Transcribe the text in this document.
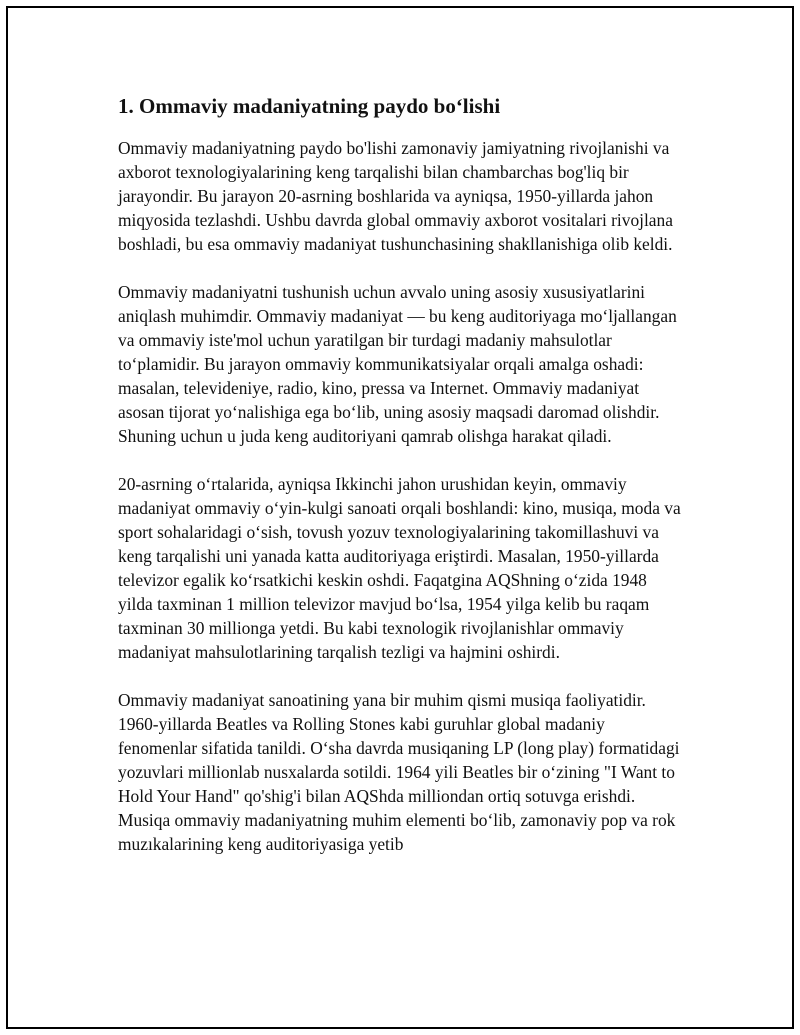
1. Ommaviy madaniyatning paydo bo‘lishi

Ommaviy madaniyatning paydo bo'lishi zamonaviy jamiyatning rivojlanishi va axborot texnologiyalarining keng tarqalishi bilan chambarchas bog'liq bir jarayondir. Bu jarayon 20-asrning boshlarida va ayniqsa, 1950-yillarda jahon miqyosida tezlashdi. Ushbu davrda global ommaviy axborot vositalari rivojlana boshladi, bu esa ommaviy madaniyat tushunchasining shakllanishiga olib keldi.

Ommaviy madaniyatni tushunish uchun avvalo uning asosiy xususiyatlarini aniqlash muhimdir. Ommaviy madaniyat — bu keng auditoriyaga mo‘ljallangan va ommaviy iste'mol uchun yaratilgan bir turdagi madaniy mahsulotlar to‘plamidir. Bu jarayon ommaviy kommunikatsiyalar orqali amalga oshadi: masalan, televideniye, radio, kino, pressa va Internet. Ommaviy madaniyat asosan tijorat yo‘nalishiga ega bo‘lib, uning asosiy maqsadi daromad olishdir. Shuning uchun u juda keng auditoriyani qamrab olishga harakat qiladi.

20-asrning o‘rtalarida, ayniqsa Ikkinchi jahon urushidan keyin, ommaviy madaniyat ommaviy o‘yin-kulgi sanoati orqali boshlandi: kino, musiqa, moda va sport sohalaridagi o‘sish, tovush yozuv texnologiyalarining takomillashuvi va keng tarqalishi uni yanada katta auditoriyaga erişti​rdi. Masalan, 1950-yillarda televizor egalik ko‘rsatkichi keskin oshdi. Faqatgina AQShning o‘zida 1948 yilda taxminan 1 million televizor mavjud bo‘lsa, 1954 yilga kelib bu raqam taxminan 30 millionga yetdi. Bu kabi texnologik rivojlanishlar ommaviy madaniyat mahsulotlarining tarqalish tezligi va hajmini oshirdi.

Ommaviy madaniyat sanoatining yana bir muhim qismi musiqa faoliyatidir. 1960-yillarda Beatles va Rolling Stones kabi guruhlar global madaniy fenomenlar sifatida tanildi. O‘sha davrda musiqaning LP (long play) formatidagi yozuvlari millionlab nusxalarda sotildi. 1964 yili Beatles bir o‘zining "I Want to Hold Your Hand" qo'shig'i bilan AQShda milliondan ortiq sotuvga erishdi. Musiqa ommaviy madaniyatning muhim elementi bo‘lib, zamonaviy pop va rok muzıkalarining keng auditoriyasiga yetib
